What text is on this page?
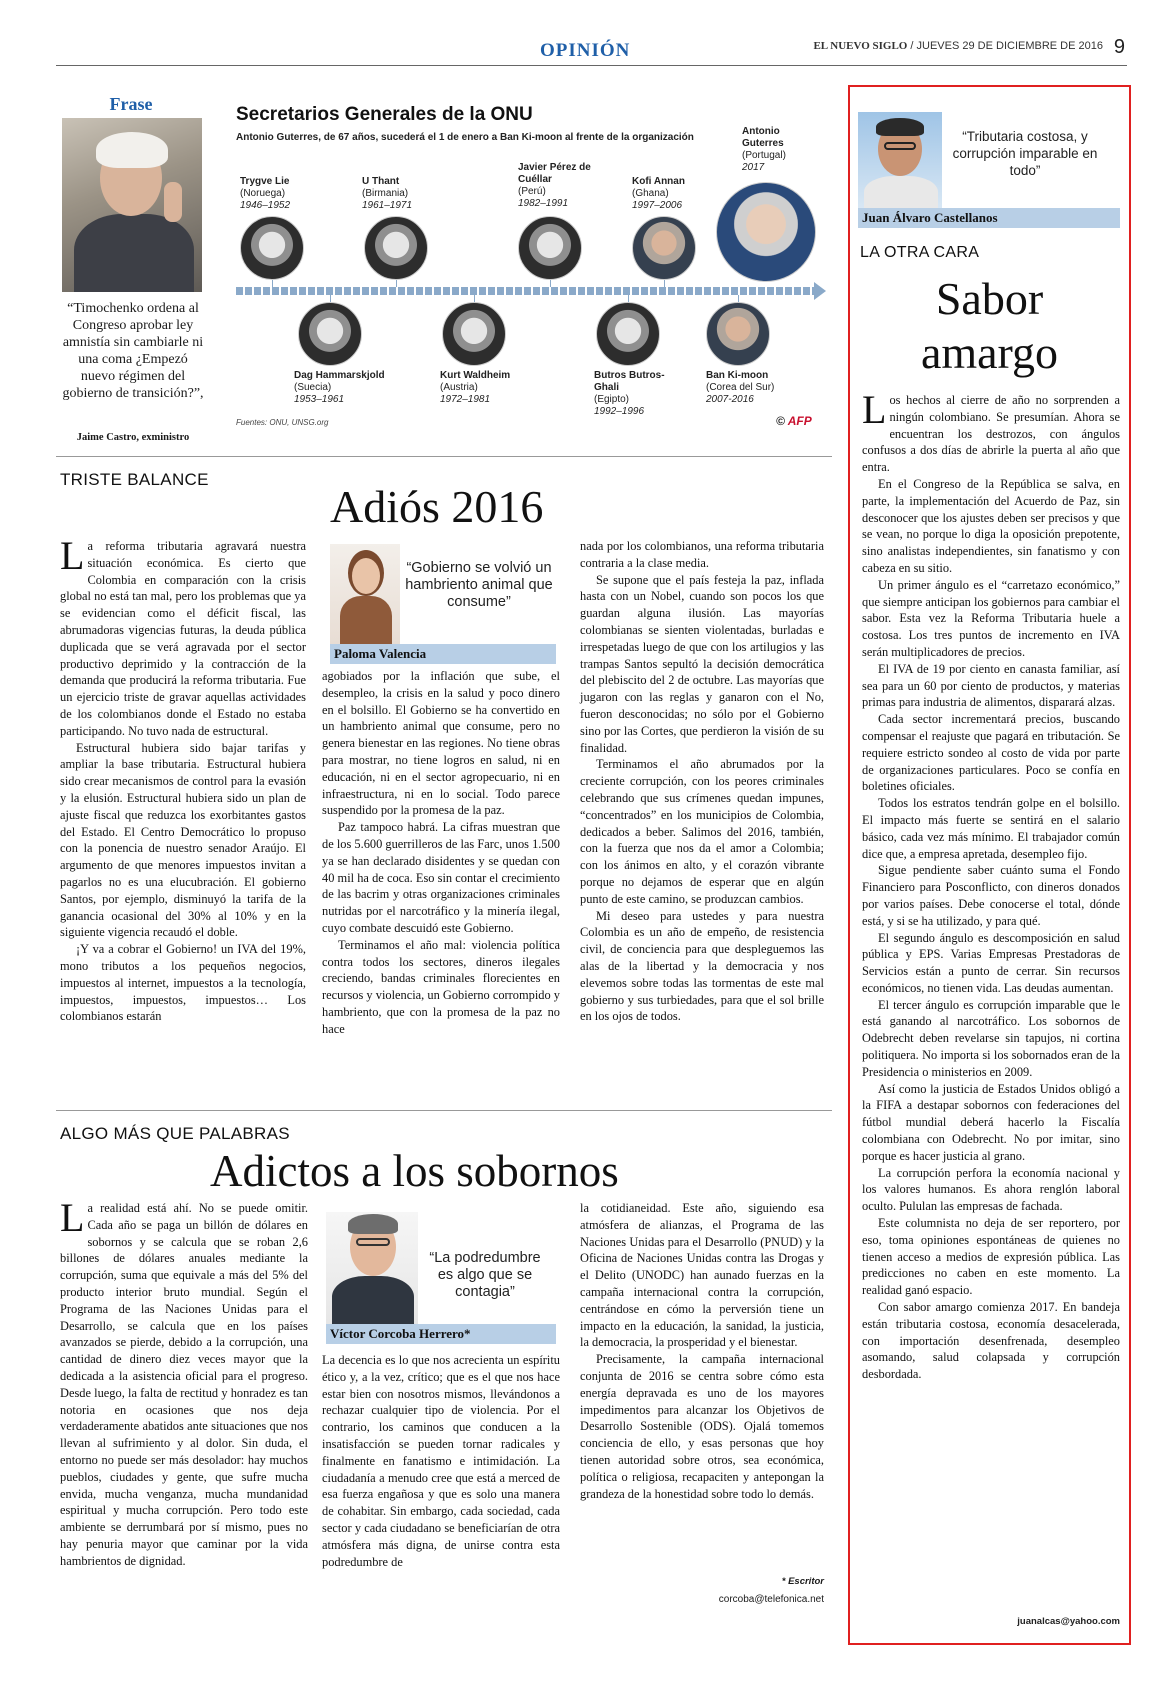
OPINIÓN	EL NUEVO SIGLO / JUEVES 29 DE DICIEMBRE DE 2016 9
Frase
“Timochenko ordena al Congreso aprobar ley amnistía sin cambiarle ni una coma ¿Empezó nuevo régimen del gobierno de transición?”,
Jaime Castro, exministro
Secretarios Generales de la ONU
Antonio Guterres, de 67 años, sucederá el 1 de enero a Ban Ki-moon al frente de la organización
Trygve Lie
(Noruega)
1946–1952
U Thant
(Birmania)
1961–1971
Javier Pérez de Cuéllar
(Perú)
1982–1991
Kofi Annan
(Ghana)
1997–2006
Antonio Guterres
(Portugal)
2017
Dag Hammarskjold
(Suecia)
1953–1961
Kurt Waldheim
(Austria)
1972–1981
Butros Butros-Ghali
(Egipto)
1992–1996
Ban Ki-moon
(Corea del Sur)
2007-2016
Fuentes: ONU, UNSG.org	© AFP
TRISTE BALANCE
Adiós 2016
“Gobierno se volvió un hambriento animal que consume”
Paloma Valencia

La reforma tributaria agravará nuestra situación económica. Es cierto que Colombia en comparación con la crisis global no está tan mal, pero los problemas que ya se evidencian como el déficit fiscal, las abrumadoras vigencias futuras, la deuda pública duplicada que se verá agravada por el sector productivo deprimido y la contracción de la demanda que producirá la reforma tributaria. Fue un ejercicio triste de gravar aquellas actividades de los colombianos donde el Estado no estaba participando. No tuvo nada de estructural.

Estructural hubiera sido bajar tarifas y ampliar la base tributaria. Estructural hubiera sido crear mecanismos de control para la evasión y la elusión. Estructural hubiera sido un plan de ajuste fiscal que reduzca los exorbitantes gastos del Estado. El Centro Democrático lo propuso con la ponencia de nuestro senador Araújo. El argumento de que menores impuestos invitan a pagarlos no es una elucubración. El gobierno Santos, por ejemplo, disminuyó la tarifa de la ganancia ocasional del 30% al 10% y en la siguiente vigencia recaudó el doble.

¡Y va a cobrar el Gobierno! un IVA del 19%, mono tributos a los pequeños negocios, impuestos al internet, impuestos a la tecnología, impuestos, impuestos, impuestos… Los colombianos estarán

agobiados por la inflación que sube, el desempleo, la crisis en la salud y poco dinero en el bolsillo. El Gobierno se ha convertido en un hambriento animal que consume, pero no genera bienestar en las regiones. No tiene obras para mostrar, no tiene logros en salud, ni en educación, ni en el sector agropecuario, ni en infraestructura, ni en lo social. Todo parece suspendido por la promesa de la paz.

Paz tampoco habrá. La cifras muestran que de los 5.600 guerrilleros de las Farc, unos 1.500 ya se han declarado disidentes y se quedan con 40 mil ha de coca. Eso sin contar el crecimiento de las bacrim y otras organizaciones criminales nutridas por el narcotráfico y la minería ilegal, cuyo combate descuidó este Gobierno.

Terminamos el año mal: violencia política contra todos los sectores, dineros ilegales creciendo, bandas criminales florecientes en recursos y violencia, un Gobierno corrompido y hambriento, que con la promesa de la paz no hace

nada por los colombianos, una reforma tributaria contraria a la clase media.

Se supone que el país festeja la paz, inflada hasta con un Nobel, cuando son pocos los que guardan alguna ilusión. Las mayorías colombianas se sienten violentadas, burladas e irrespetadas luego de que con los artilugios y las trampas Santos sepultó la decisión democrática del plebiscito del 2 de octubre. Las mayorías que jugaron con las reglas y ganaron con el No, fueron desconocidas; no sólo por el Gobierno sino por las Cortes, que perdieron la visión de su finalidad.

Terminamos el año abrumados por la creciente corrupción, con los peores criminales celebrando que sus crímenes quedan impunes, “concentrados” en los municipios de Colombia, dedicados a beber. Salimos del 2016, también, con la fuerza que nos da el amor a Colombia; con los ánimos en alto, y el corazón vibrante porque no dejamos de esperar que en algún punto de este camino, se produzcan cambios.

Mi deseo para ustedes y para nuestra Colombia es un año de empeño, de resistencia civil, de conciencia para que despleguemos las alas de la libertad y la democracia y nos elevemos sobre todas las tormentas de este mal gobierno y sus turbiedades, para que el sol brille en los ojos de todos.

ALGO MÁS QUE PALABRAS
Adictos a los sobornos
“La podredumbre es algo que se contagia”
Víctor Corcoba Herrero*

La realidad está ahí. No se puede omitir. Cada año se paga un billón de dólares en sobornos y se calcula que se roban 2,6 billones de dólares anuales mediante la corrupción, suma que equivale a más del 5% del producto interior bruto mundial. Según el Programa de las Naciones Unidas para el Desarrollo, se calcula que en los países avanzados se pierde, debido a la corrupción, una cantidad de dinero diez veces mayor que la dedicada a la asistencia oficial para el progreso. Desde luego, la falta de rectitud y honradez es tan notoria en ocasiones que nos deja verdaderamente abatidos ante situaciones que nos llevan al sufrimiento y al dolor. Sin duda, el entorno no puede ser más desolador: hay muchos pueblos, ciudades y gente, que sufre mucha envida, mucha venganza, mucha mundanidad espiritual y mucha corrupción. Pero todo este ambiente se derrumbará por sí mismo, pues no hay penuria mayor que caminar por la vida hambrientos de dignidad.

La decencia es lo que nos acrecienta un espíritu ético y, a la vez, crítico; que es el que nos hace estar bien con nosotros mismos, llevándonos a rechazar cualquier tipo de violencia. Por el contrario, los caminos que conducen a la insatisfacción se pueden tornar radicales y finalmente en fanatismo e intimidación. La ciudadanía a menudo cree que está a merced de esa fuerza engañosa y que es solo una manera de cohabitar. Sin embargo, cada sociedad, cada sector y cada ciudadano se beneficiarían de otra atmósfera más digna, de unirse contra esta podredumbre de

la cotidianeidad. Este año, siguiendo esa atmósfera de alianzas, el Programa de las Naciones Unidas para el Desarrollo (PNUD) y la Oficina de Naciones Unidas contra las Drogas y el Delito (UNODC) han aunado fuerzas en la campaña internacional contra la corrupción, centrándose en cómo la perversión tiene un impacto en la educación, la sanidad, la justicia, la democracia, la prosperidad y el bienestar.

Precisamente, la campaña internacional conjunta de 2016 se centra sobre cómo esta energía depravada es uno de los mayores impedimentos para alcanzar los Objetivos de Desarrollo Sostenible (ODS). Ojalá tomemos conciencia de ello, y esas personas que hoy tienen autoridad sobre otros, sea económica, política o religiosa, recapaciten y antepongan la grandeza de la honestidad sobre todo lo demás.

* Escritor
corcoba@telefonica.net
“Tributaria costosa, y corrupción imparable en todo”
Juan Álvaro Castellanos
LA OTRA CARA
Sabor
amargo

Los hechos al cierre de año no sorprenden a ningún colombiano. Se presumían. Ahora se encuentran los destrozos, con ángulos confusos a dos días de abrirle la puerta al año que entra.

En el Congreso de la República se salva, en parte, la implementación del Acuerdo de Paz, sin desconocer que los ajustes deben ser precisos y que se vean, no porque lo diga la oposición prepotente, sino analistas independientes, sin fanatismo y con cabeza en su sitio.

Un primer ángulo es el “carretazo económico,” que siempre anticipan los gobiernos para cambiar el sabor. Esta vez la Reforma Tributaria huele a costosa. Los tres puntos de incremento en IVA serán multiplicadores de precios.

El IVA de 19 por ciento en canasta familiar, así sea para un 60 por ciento de productos, y materias primas para industria de alimentos, disparará alzas.

Cada sector incrementará precios, buscando compensar el reajuste que pagará en tributación. Se requiere estricto sondeo al costo de vida por parte de organizaciones particulares. Poco se confía en boletines oficiales.

Todos los estratos tendrán golpe en el bolsillo. El impacto más fuerte se sentirá en el salario básico, cada vez más mínimo. El trabajador común dice que, a empresa apretada, desempleo fijo.

Sigue pendiente saber cuánto suma el Fondo Financiero para Posconflicto, con dineros donados por varios países. Debe conocerse el total, dónde está, y si se ha utilizado, y para qué.

El segundo ángulo es descomposición en salud pública y EPS. Varias Empresas Prestadoras de Servicios están a punto de cerrar. Sin recursos económicos, no tienen vida. Las deudas aumentan.

El tercer ángulo es corrupción imparable que le está ganando al narcotráfico. Los sobornos de Odebrecht deben revelarse sin tapujos, ni cortina politiquera. No importa si los sobornados eran de la Presidencia o ministerios en 2009.

Así como la justicia de Estados Unidos obligó a la FIFA a destapar sobornos con federaciones del fútbol mundial deberá hacerlo la Fiscalía colombiana con Odebrecht. No por imitar, sino porque es hacer justicia al grano.

La corrupción perfora la economía nacional y los valores humanos. Es ahora renglón laboral oculto. Pululan las empresas de fachada.

Este columnista no deja de ser reportero, por eso, toma opiniones espontáneas de quienes no tienen acceso a medios de expresión pública. Las predicciones no caben en este momento. La realidad ganó espacio.

Con sabor amargo comienza 2017. En bandeja están tributaria costosa, economía desacelerada, con importación desenfrenada, desempleo asomando, salud colapsada y corrupción desbordada.

juanalcas@yahoo.com
